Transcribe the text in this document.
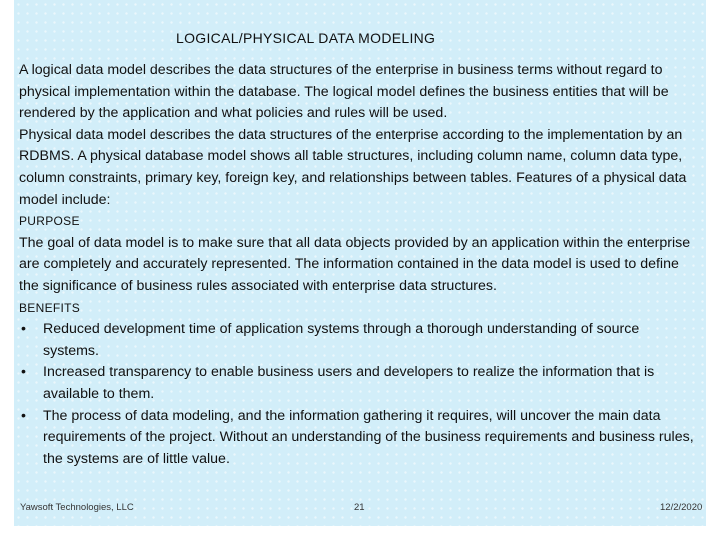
LOGICAL/PHYSICAL DATA MODELING

A logical data model describes the data structures of the enterprise in business terms without regard to physical implementation within the database. The logical model defines the business entities that will be rendered by the application and what policies and rules will be used.

Physical data model describes the data structures of the enterprise according to the implementation by an RDBMS. A physical database model shows all table structures, including column name, column data type, column constraints, primary key, foreign key, and relationships between tables. Features of a physical data model include:

PURPOSE

The goal of data model is to make sure that all data objects provided by an application within the enterprise are completely and accurately represented. The information contained in the data model is used to define the significance of business rules associated with enterprise data structures.

BENEFITS
• Reduced development time of application systems through a thorough understanding of source systems.
• Increased transparency to enable business users and developers to realize the information that is available to them.
• The process of data modeling, and the information gathering it requires, will uncover the main data requirements of the project. Without an understanding of the business requirements and business rules, the systems are of little value.
Yawsoft Technologies, LLC	21	12/2/2020
